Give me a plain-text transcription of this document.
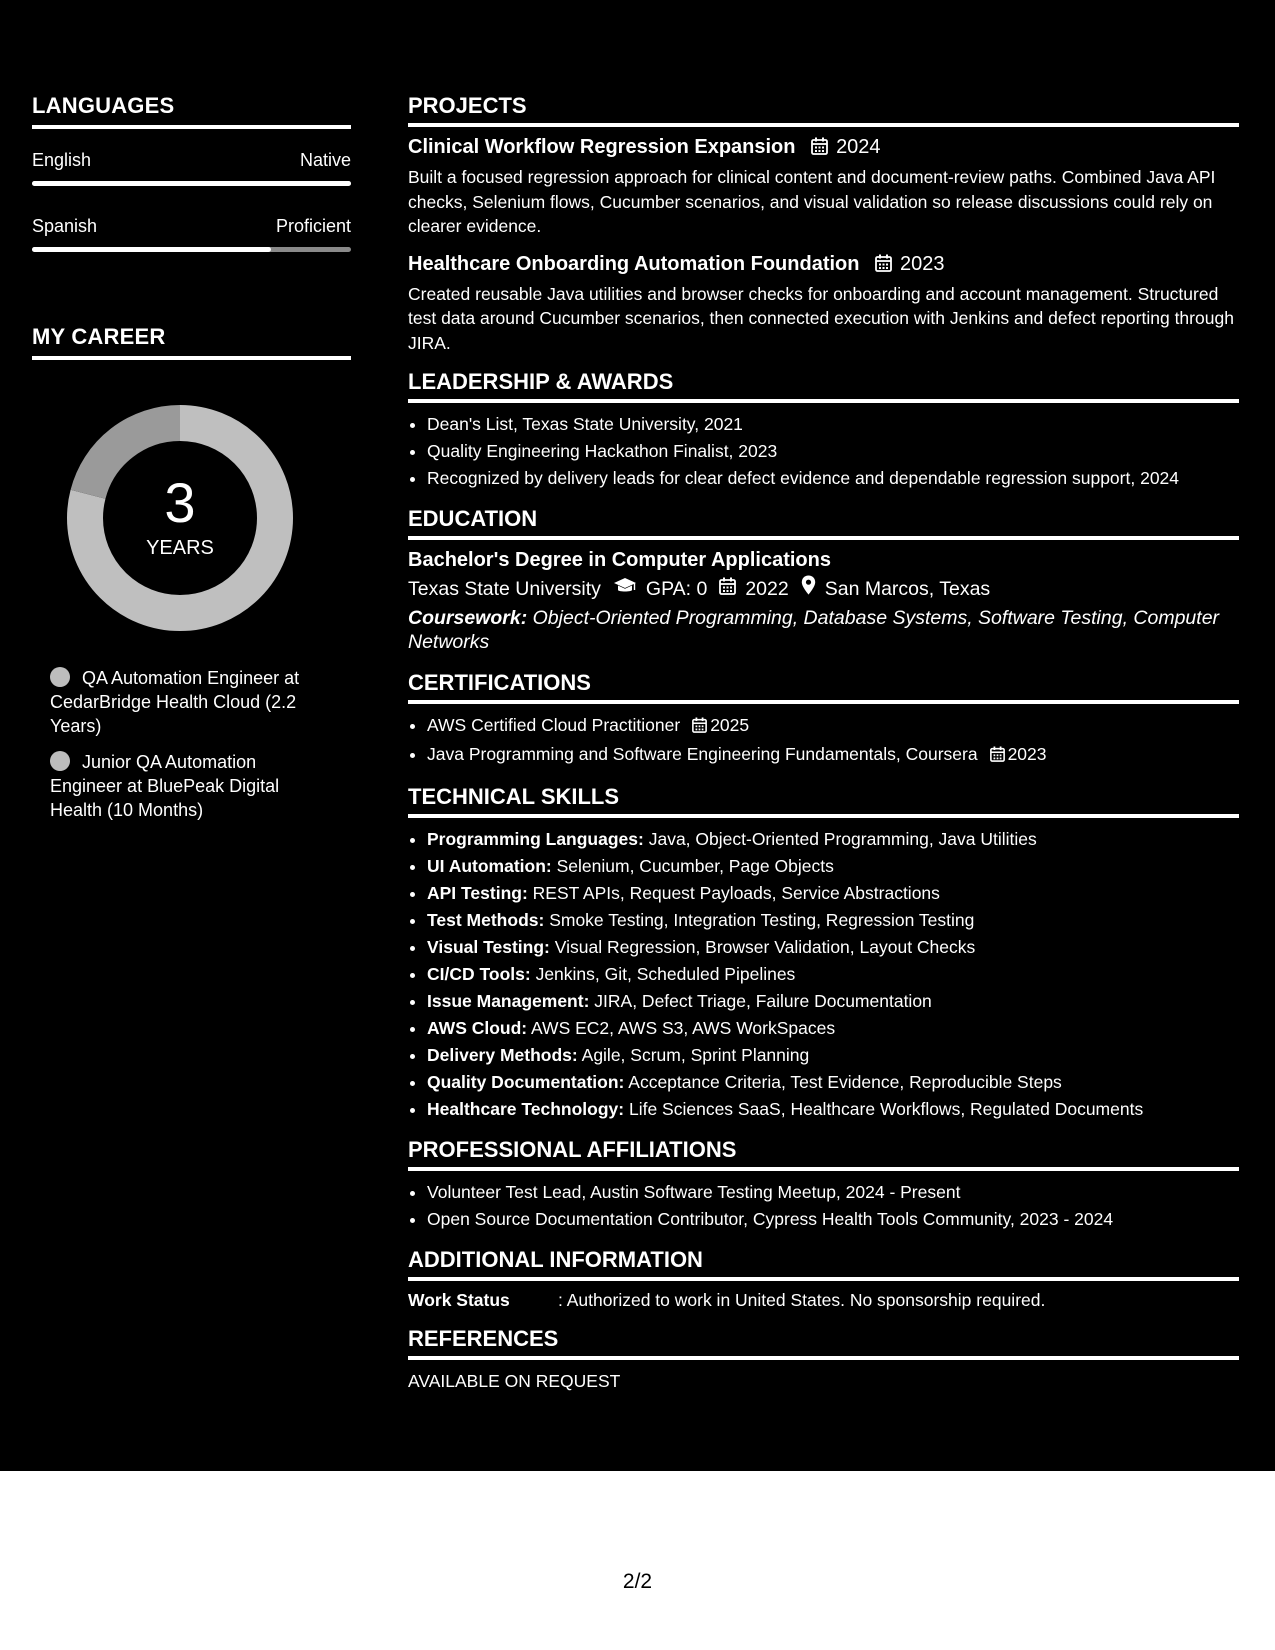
LANGUAGES
English	Native
Spanish	Proficient
MY CAREER
3
YEARS
QA Automation Engineer at CedarBridge Health Cloud (2.2 Years)
Junior QA Automation Engineer at BluePeak Digital Health (10 Months)
PROJECTS
Clinical Workflow Regression Expansion 2024
Built a focused regression approach for clinical content and document-review paths. Combined Java API checks, Selenium flows, Cucumber scenarios, and visual validation so release discussions could rely on clearer evidence.
Healthcare Onboarding Automation Foundation 2023
Created reusable Java utilities and browser checks for onboarding and account management. Structured test data around Cucumber scenarios, then connected execution with Jenkins and defect reporting through JIRA.
LEADERSHIP & AWARDS
• Dean's List, Texas State University, 2021
• Quality Engineering Hackathon Finalist, 2023
• Recognized by delivery leads for clear defect evidence and dependable regression support, 2024
EDUCATION
Bachelor's Degree in Computer Applications
Texas State University GPA: 0 2022 San Marcos, Texas
Coursework: Object-Oriented Programming, Database Systems, Software Testing, Computer Networks
CERTIFICATIONS
• AWS Certified Cloud Practitioner 2025
• Java Programming and Software Engineering Fundamentals, Coursera 2023
TECHNICAL SKILLS
• Programming Languages: Java, Object-Oriented Programming, Java Utilities
• UI Automation: Selenium, Cucumber, Page Objects
• API Testing: REST APIs, Request Payloads, Service Abstractions
• Test Methods: Smoke Testing, Integration Testing, Regression Testing
• Visual Testing: Visual Regression, Browser Validation, Layout Checks
• CI/CD Tools: Jenkins, Git, Scheduled Pipelines
• Issue Management: JIRA, Defect Triage, Failure Documentation
• AWS Cloud: AWS EC2, AWS S3, AWS WorkSpaces
• Delivery Methods: Agile, Scrum, Sprint Planning
• Quality Documentation: Acceptance Criteria, Test Evidence, Reproducible Steps
• Healthcare Technology: Life Sciences SaaS, Healthcare Workflows, Regulated Documents
PROFESSIONAL AFFILIATIONS
• Volunteer Test Lead, Austin Software Testing Meetup, 2024 - Present
• Open Source Documentation Contributor, Cypress Health Tools Community, 2023 - 2024
ADDITIONAL INFORMATION
Work Status	: Authorized to work in United States. No sponsorship required.
REFERENCES
AVAILABLE ON REQUEST
2/2
